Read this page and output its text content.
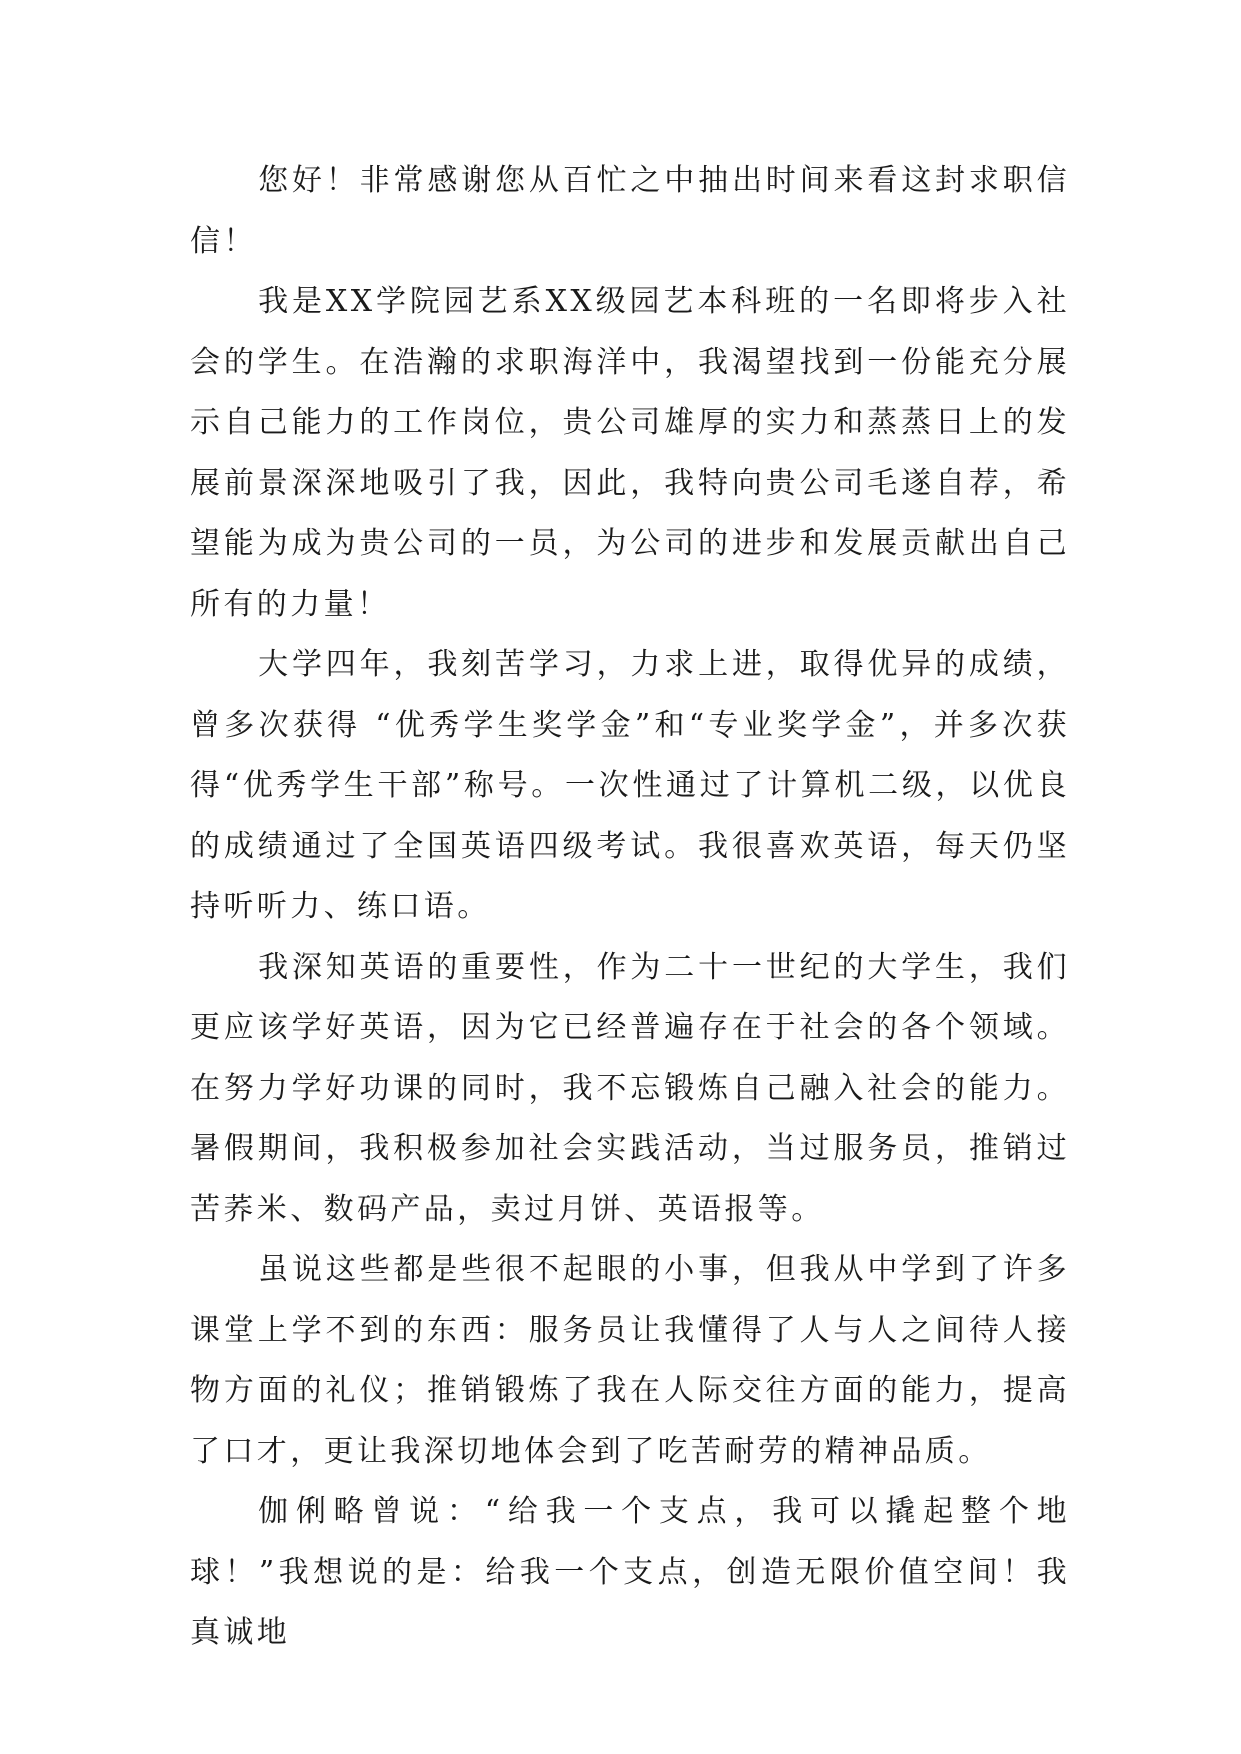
您好！非常感谢您从百忙之中抽出时间来看这封求职信信！

我是XX学院园艺系XX级园艺本科班的一名即将步入社会的学生。在浩瀚的求职海洋中，我渴望找到一份能充分展示自己能力的工作岗位，贵公司雄厚的实力和蒸蒸日上的发展前景深深地吸引了我，因此，我特向贵公司毛遂自荐，希望能为成为贵公司的一员，为公司的进步和发展贡献出自己所有的力量！

大学四年，我刻苦学习，力求上进，取得优异的成绩，曾多次获得 “优秀学生奖学金”和“专业奖学金”，并多次获得“优秀学生干部”称号。一次性通过了计算机二级，以优良的成绩通过了全国英语四级考试。我很喜欢英语，每天仍坚持听听力、练口语。

我深知英语的重要性，作为二十一世纪的大学生，我们更应该学好英语，因为它已经普遍存在于社会的各个领域。在努力学好功课的同时，我不忘锻炼自己融入社会的能力。暑假期间，我积极参加社会实践活动，当过服务员，推销过苦荞米、数码产品，卖过月饼、英语报等。

虽说这些都是些很不起眼的小事，但我从中学到了许多课堂上学不到的东西：服务员让我懂得了人与人之间待人接物方面的礼仪；推销锻炼了我在人际交往方面的能力，提高了口才，更让我深切地体会到了吃苦耐劳的精神品质。

伽俐略曾说：“给我一个支点，我可以撬起整个地球！”我想说的是：给我一个支点，创造无限价值空间！我真诚地
